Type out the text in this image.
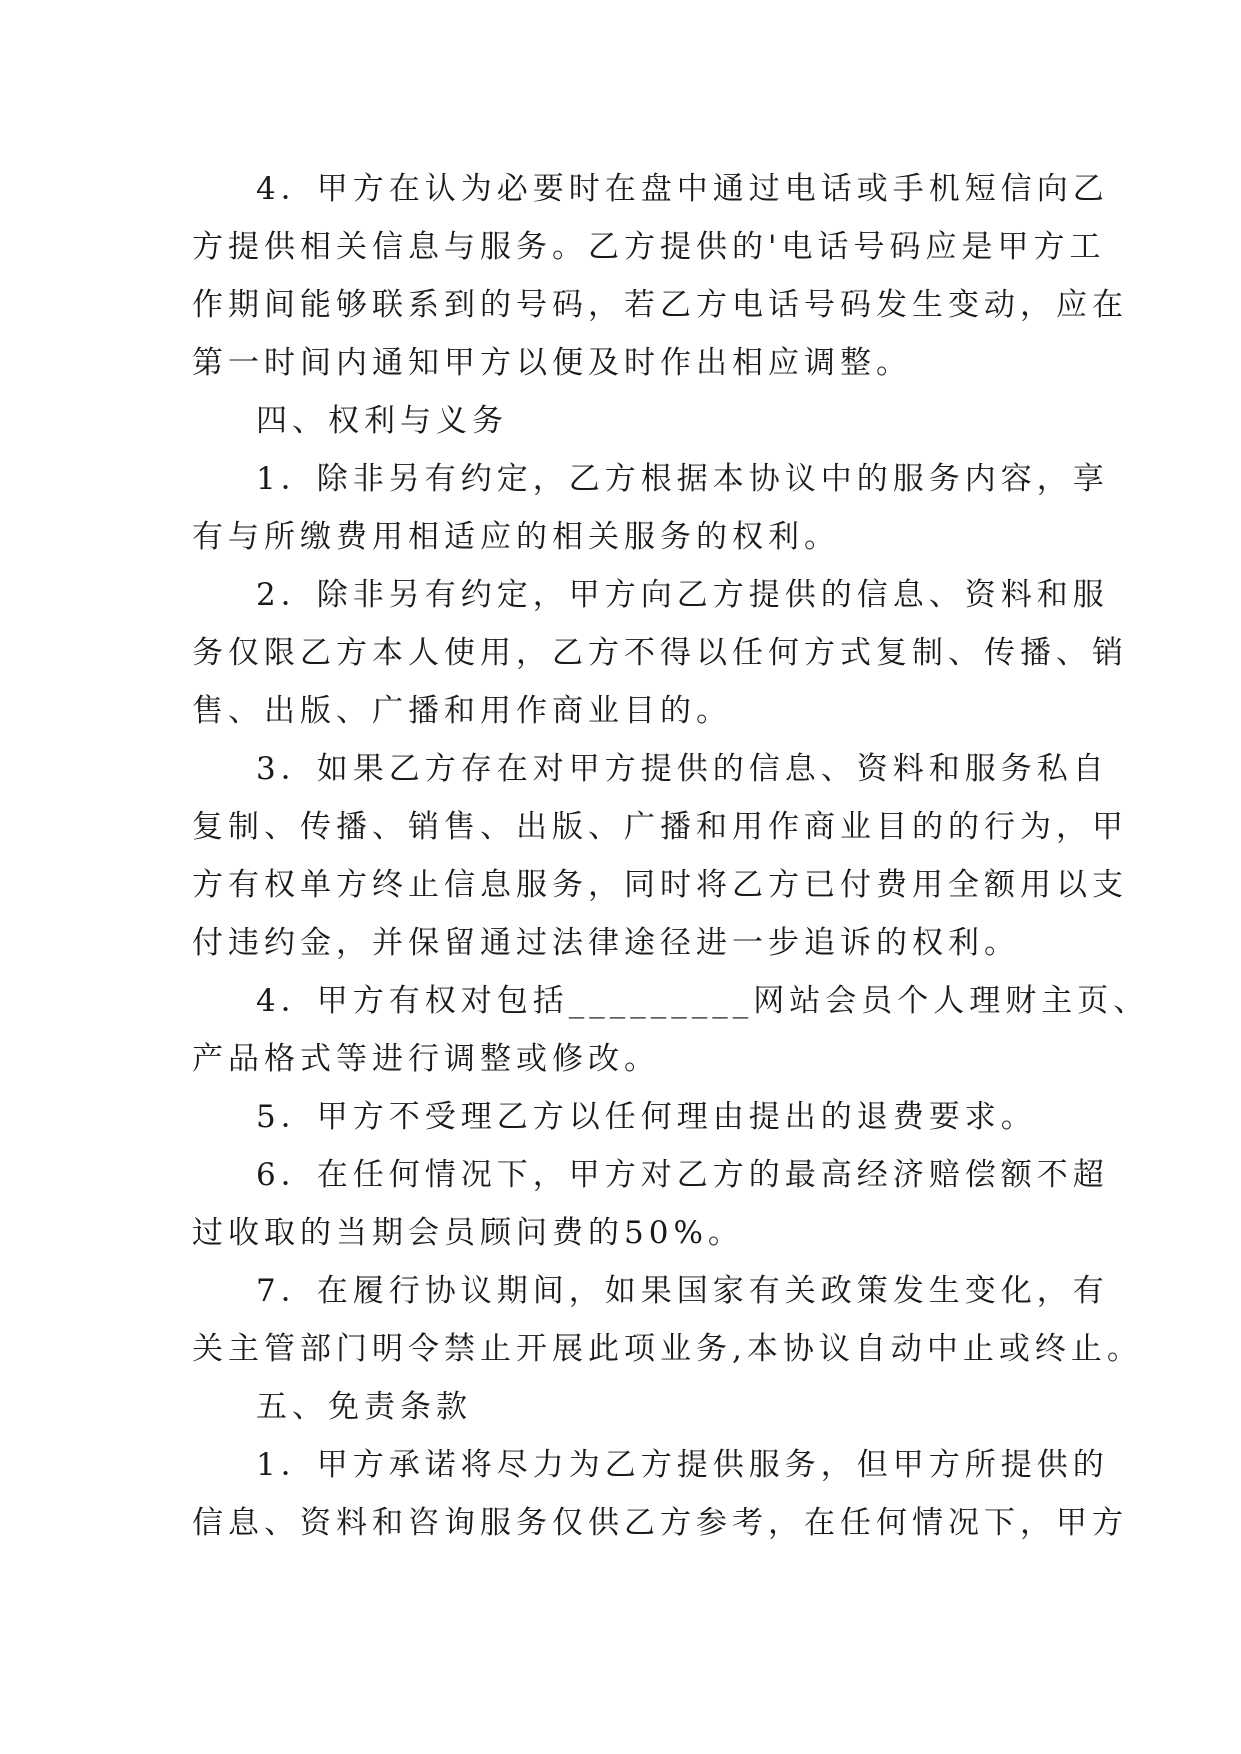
4．甲方在认为必要时在盘中通过电话或手机短信向乙
方提供相关信息与服务。乙方提供的'电话号码应是甲方工
作期间能够联系到的号码，若乙方电话号码发生变动，应在
第一时间内通知甲方以便及时作出相应调整。
四、权利与义务
1．除非另有约定，乙方根据本协议中的服务内容，享
有与所缴费用相适应的相关服务的权利。
2．除非另有约定，甲方向乙方提供的信息、资料和服
务仅限乙方本人使用，乙方不得以任何方式复制、传播、销
售、出版、广播和用作商业目的。
3．如果乙方存在对甲方提供的信息、资料和服务私自
复制、传播、销售、出版、广播和用作商业目的的行为，甲
方有权单方终止信息服务，同时将乙方已付费用全额用以支
付违约金，并保留通过法律途径进一步追诉的权利。
4．甲方有权对包括_________网站会员个人理财主页、
产品格式等进行调整或修改。
5．甲方不受理乙方以任何理由提出的退费要求。
6．在任何情况下，甲方对乙方的最高经济赔偿额不超
过收取的当期会员顾问费的50%。
7．在履行协议期间，如果国家有关政策发生变化，有
关主管部门明令禁止开展此项业务,本协议自动中止或终止。
五、免责条款
1．甲方承诺将尽力为乙方提供服务，但甲方所提供的
信息、资料和咨询服务仅供乙方参考，在任何情况下，甲方
